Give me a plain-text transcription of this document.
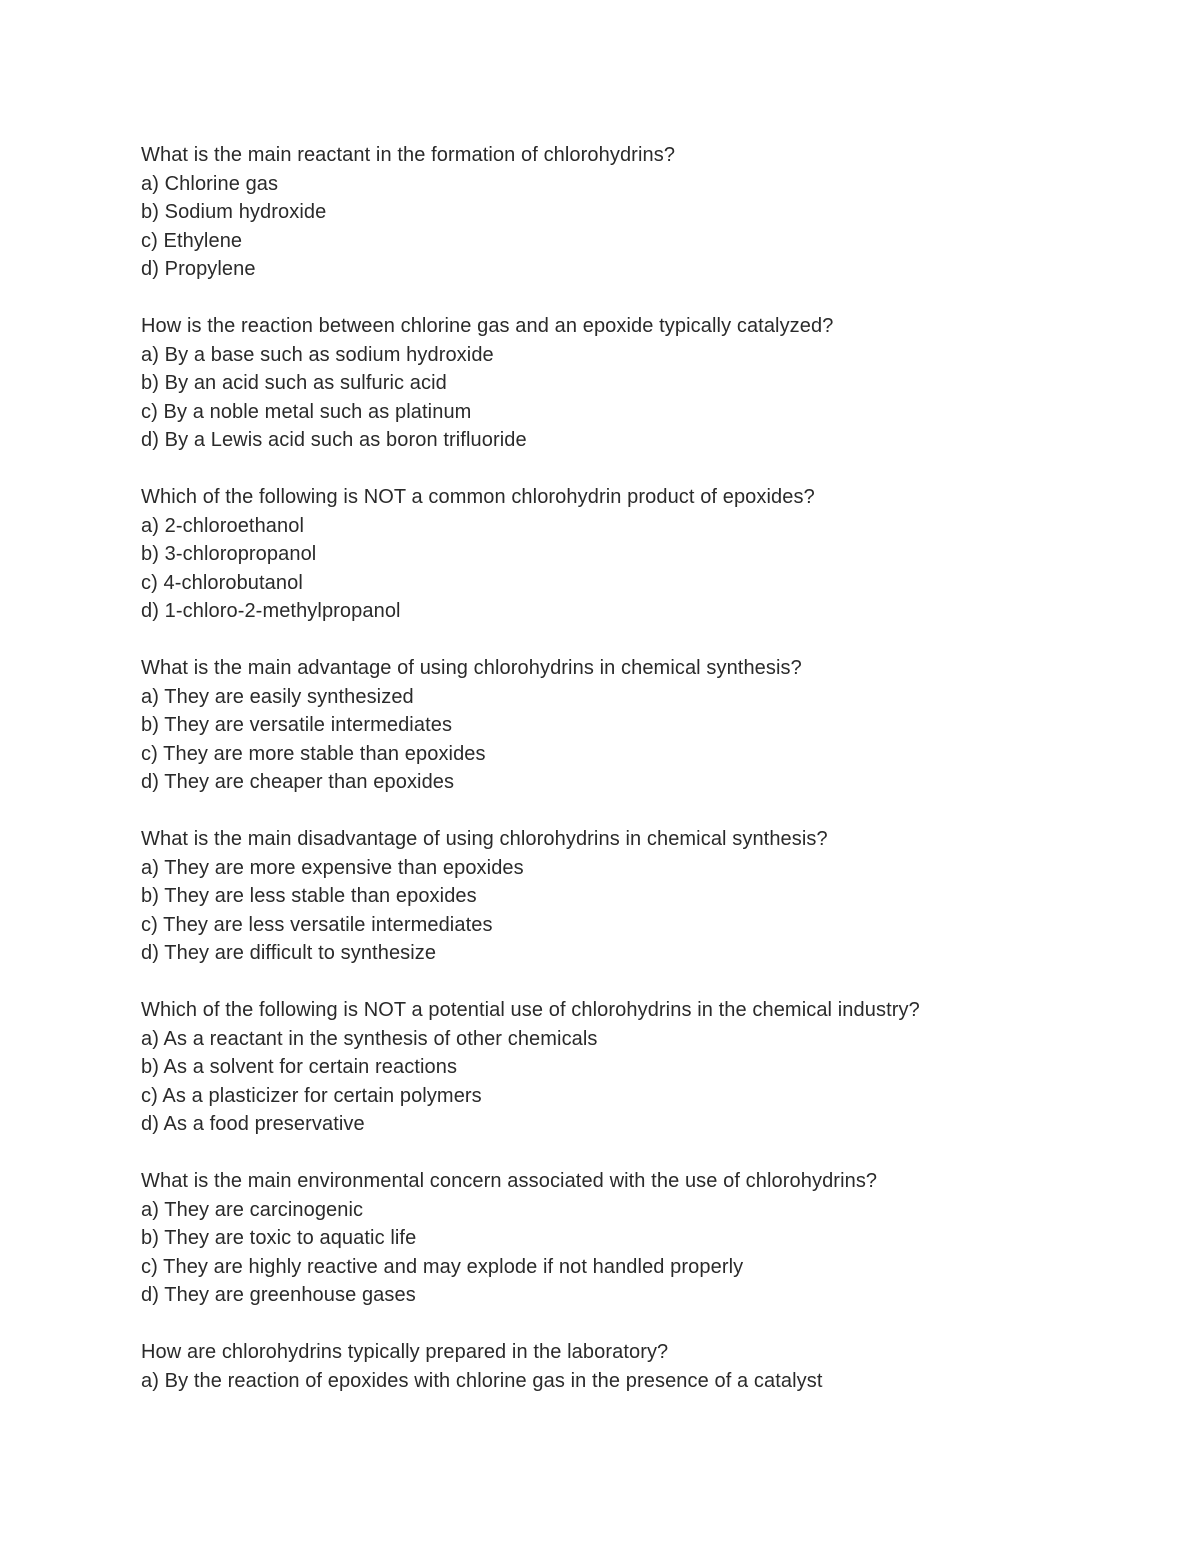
What is the main reactant in the formation of chlorohydrins?
a) Chlorine gas
b) Sodium hydroxide
c) Ethylene
d) Propylene
How is the reaction between chlorine gas and an epoxide typically catalyzed?
a) By a base such as sodium hydroxide
b) By an acid such as sulfuric acid
c) By a noble metal such as platinum
d) By a Lewis acid such as boron trifluoride
Which of the following is NOT a common chlorohydrin product of epoxides?
a) 2-chloroethanol
b) 3-chloropropanol
c) 4-chlorobutanol
d) 1-chloro-2-methylpropanol
What is the main advantage of using chlorohydrins in chemical synthesis?
a) They are easily synthesized
b) They are versatile intermediates
c) They are more stable than epoxides
d) They are cheaper than epoxides
What is the main disadvantage of using chlorohydrins in chemical synthesis?
a) They are more expensive than epoxides
b) They are less stable than epoxides
c) They are less versatile intermediates
d) They are difficult to synthesize
Which of the following is NOT a potential use of chlorohydrins in the chemical industry?
a) As a reactant in the synthesis of other chemicals
b) As a solvent for certain reactions
c) As a plasticizer for certain polymers
d) As a food preservative
What is the main environmental concern associated with the use of chlorohydrins?
a) They are carcinogenic
b) They are toxic to aquatic life
c) They are highly reactive and may explode if not handled properly
d) They are greenhouse gases
How are chlorohydrins typically prepared in the laboratory?
a) By the reaction of epoxides with chlorine gas in the presence of a catalyst
